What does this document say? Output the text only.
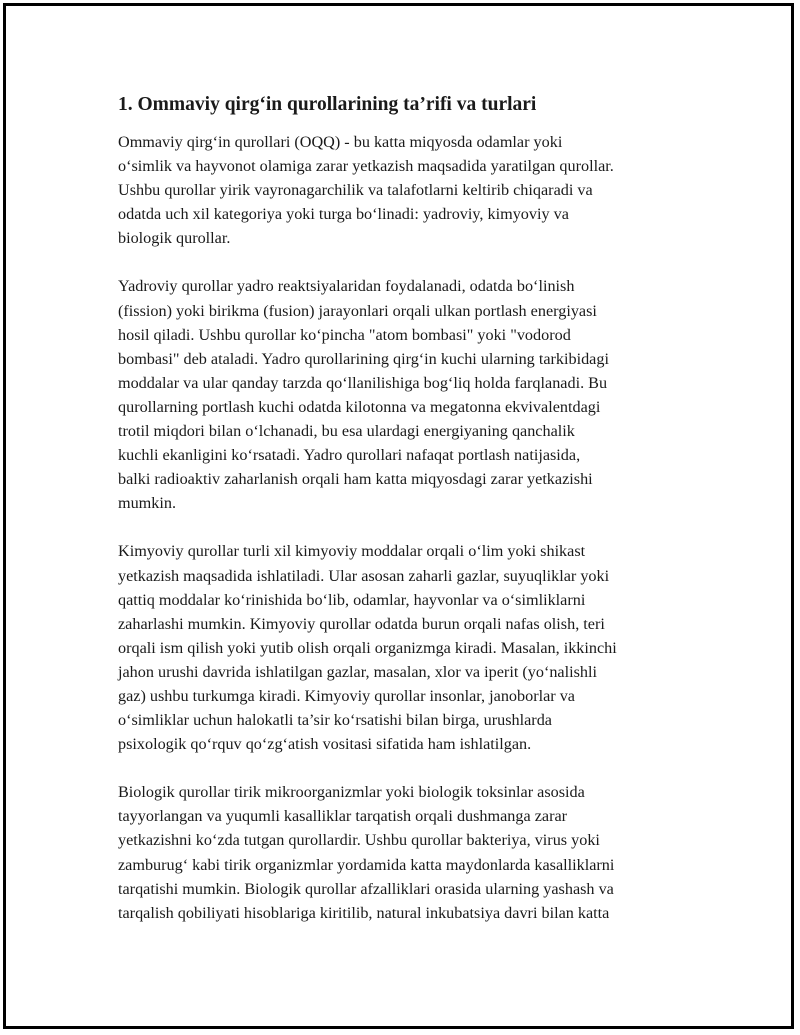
1. Ommaviy qirg‘in qurollarining ta’rifi va turlari

Ommaviy qirg‘in qurollari (OQQ) - bu katta miqyosda odamlar yoki
o‘simlik va hayvonot olamiga zarar yetkazish maqsadida yaratilgan qurollar.
Ushbu qurollar yirik vayronagarchilik va talafotlarni keltirib chiqaradi va
odatda uch xil kategoriya yoki turga bo‘linadi: yadroviy, kimyoviy va
biologik qurollar.

Yadroviy qurollar yadro reaktsiyalaridan foydalanadi, odatda bo‘linish
(fission) yoki birikma (fusion) jarayonlari orqali ulkan portlash energiyasi
hosil qiladi. Ushbu qurollar ko‘pincha "atom bombasi" yoki "vodorod
bombasi" deb ataladi. Yadro qurollarining qirg‘in kuchi ularning tarkibidagi
moddalar va ular qanday tarzda qo‘llanilishiga bog‘liq holda farqlanadi. Bu
qurollarning portlash kuchi odatda kilotonna va megatonna ekvivalentdagi
trotil miqdori bilan o‘lchanadi, bu esa ulardagi energiyaning qanchalik
kuchli ekanligini ko‘rsatadi. Yadro qurollari nafaqat portlash natijasida,
balki radioaktiv zaharlanish orqali ham katta miqyosdagi zarar yetkazishi
mumkin.

Kimyoviy qurollar turli xil kimyoviy moddalar orqali o‘lim yoki shikast
yetkazish maqsadida ishlatiladi. Ular asosan zaharli gazlar, suyuqliklar yoki
qattiq moddalar ko‘rinishida bo‘lib, odamlar, hayvonlar va o‘simliklarni
zaharlashi mumkin. Kimyoviy qurollar odatda burun orqali nafas olish, teri
orqali ism qilish yoki yutib olish orqali organizmga kiradi. Masalan, ikkinchi
jahon urushi davrida ishlatilgan gazlar, masalan, xlor va iperit (yo‘nalishli
gaz) ushbu turkumga kiradi. Kimyoviy qurollar insonlar, janoborlar va
o‘simliklar uchun halokatli ta’sir ko‘rsatishi bilan birga, urushlarda
psixologik qo‘rquv qo‘zg‘atish vositasi sifatida ham ishlatilgan.

Biologik qurollar tirik mikroorganizmlar yoki biologik toksinlar asosida
tayyorlangan va yuqumli kasalliklar tarqatish orqali dushmanga zarar
yetkazishni ko‘zda tutgan qurollardir. Ushbu qurollar bakteriya, virus yoki
zamburug‘ kabi tirik organizmlar yordamida katta maydonlarda kasalliklarni
tarqatishi mumkin. Biologik qurollar afzalliklari orasida ularning yashash va
tarqalish qobiliyati hisoblariga kiritilib, natural inkubatsiya davri bilan katta
